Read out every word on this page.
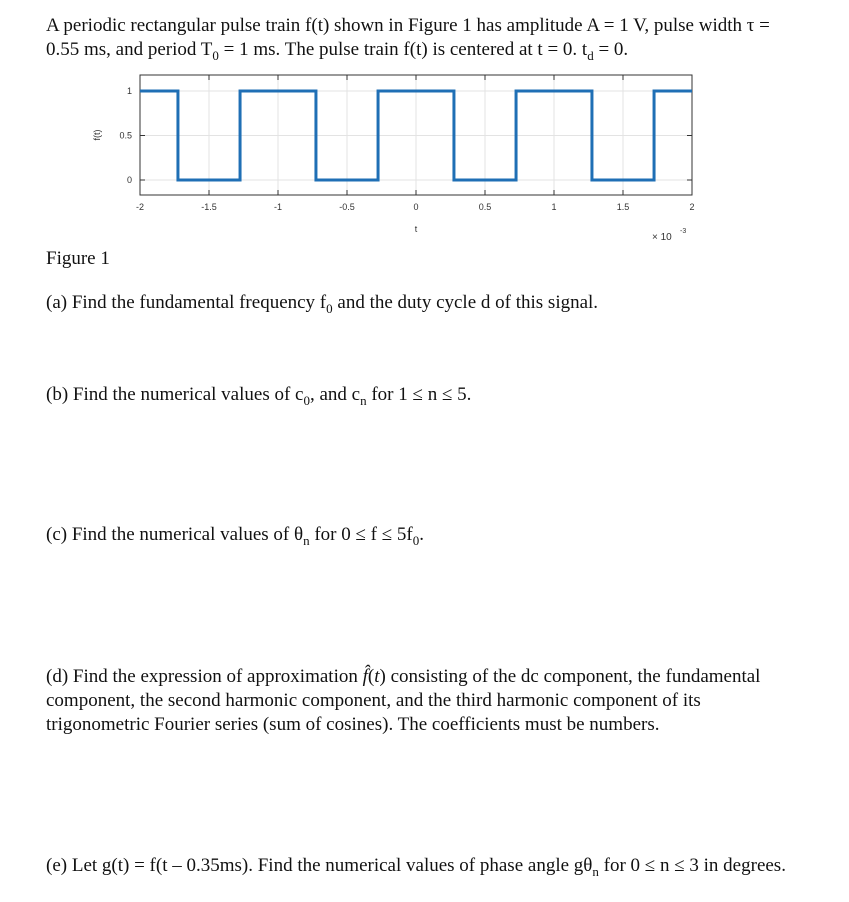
A periodic rectangular pulse train f(t) shown in Figure 1 has amplitude A = 1 V, pulse width τ =
0.55 ms, and period $T_0 = 1$ ms. The pulse train f(t) is centered at t = 0. $t_d = 0$.
-2	-1.5	-1	-0.5	0	0.5	1	1.5	2
0
0.5
1
t
f(t)
× 10
-3
Figure 1
(a) Find the fundamental frequency $f_0$ and the duty cycle d of this signal.
(b) Find the numerical values of $c_0$, and $c_n$ for 1 ≤ n ≤ 5.
(c) Find the numerical values of $\theta_n$ for $0 \le f \le 5f_0$.
(d) Find the expression of approximation f̂(t) consisting of the dc component, the fundamental
component, the second harmonic component, and the third harmonic component of its
trigonometric Fourier series (sum of cosines). The coefficients must be numbers.
(e) Let g(t) = f(t – 0.35ms). Find the numerical values of phase angle $g\theta_n$ for 0 ≤ n ≤ 3 in degrees.
